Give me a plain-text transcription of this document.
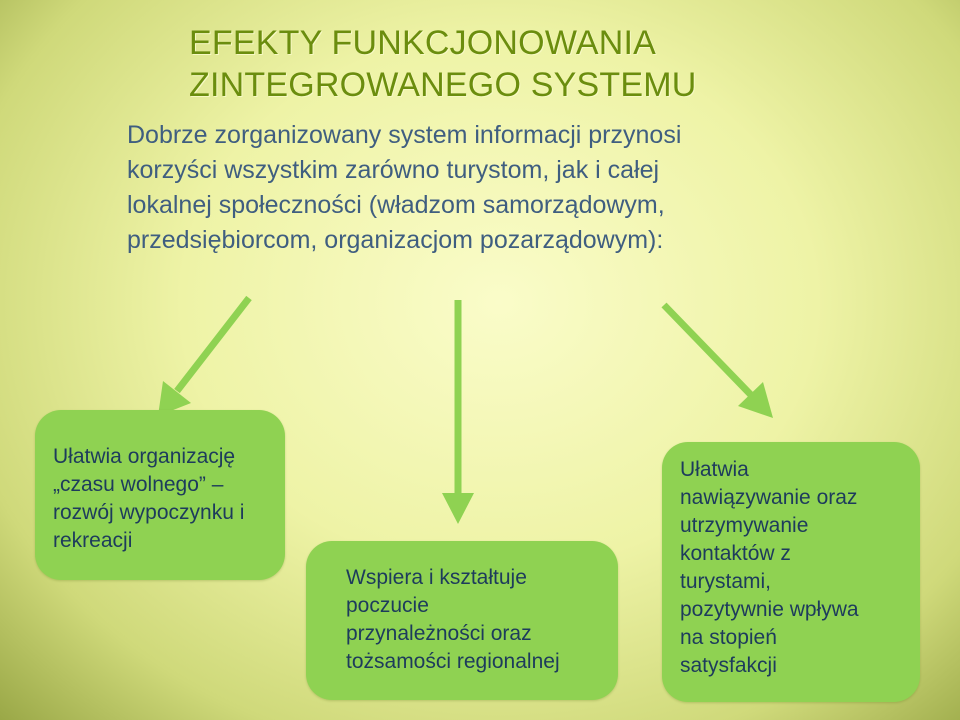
EFEKTY FUNKCJONOWANIA
ZINTEGROWANEGO SYSTEMU

Dobrze zorganizowany system informacji przynosi
korzyści wszystkim zarówno turystom, jak i całej
lokalnej społeczności (władzom samorządowym,
przedsiębiorcom, organizacjom pozarządowym):

Ułatwia organizację
„czasu wolnego” –
rozwój wypoczynku i
rekreacji
Wspiera i kształtuje
poczucie
przynależności oraz
tożsamości regionalnej
Ułatwia
nawiązywanie oraz
utrzymywanie
kontaktów z
turystami,
pozytywnie wpływa
na stopień
satysfakcji
